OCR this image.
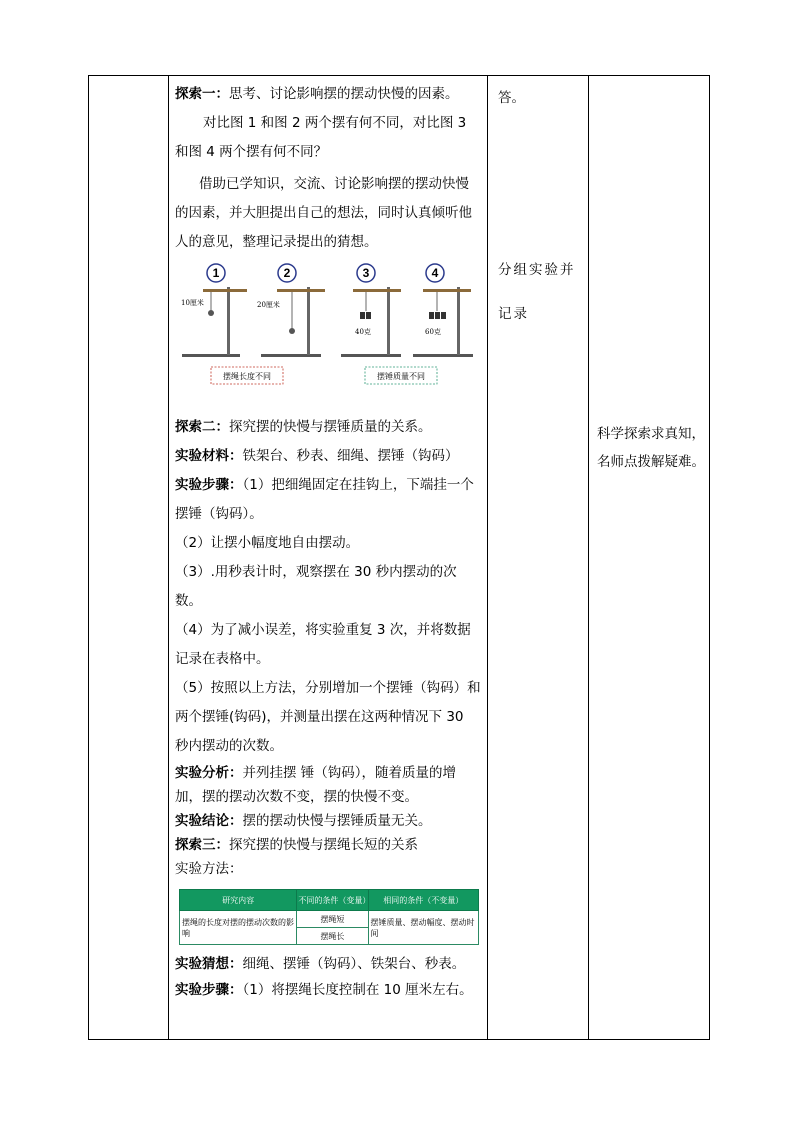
探索一：思考、讨论影响摆的摆动快慢的因素。

对比图 1 和图 2 两个摆有何不同，对比图 3 和图 4 两个摆有何不同？

借助已学知识，交流、讨论影响摆的摆动快慢的因素，并大胆提出自己的想法，同时认真倾听他人的意见，整理记录提出的猜想。

1	2	3	4
10厘米	20厘米
40克	60克
摆绳长度不同	摆锤质量不同

探索二：探究摆的快慢与摆锤质量的关系。

实验材料：铁架台、秒表、细绳、摆锤（钩码）

实验步骤：（1）把细绳固定在挂钩上，下端挂一个摆锤（钩码）。

（2）让摆小幅度地自由摆动。

（3）.用秒表计时，观察摆在 30 秒内摆动的次数。

（4）为了减小误差，将实验重复 3 次，并将数据记录在表格中。

（5）按照以上方法，分别增加一个摆锤（钩码）和两个摆锤(钩码)，并测量出摆在这两种情况下 30 秒内摆动的次数。

实验分析：并列挂摆 锤（钩码），随着质量的增加，摆的摆动次数不变，摆的快慢不变。

实验结论：摆的摆动快慢与摆锤质量无关。

探索三：探究摆的快慢与摆绳长短的关系

实验方法：

研究内容	不同的条件（变量）	相同的条件（不变量）
摆绳的长度对摆的摆动次数的影响	摆绳短	摆锤质量、摆动幅度、摆动时间
摆绳长

实验猜想：细绳、摆锤（钩码）、铁架台、秒表。

实验步骤：（1）将摆绳长度控制在 10 厘米左右。

答。

分组实验并

记录

科学探索求真知，

名师点拨解疑难。
